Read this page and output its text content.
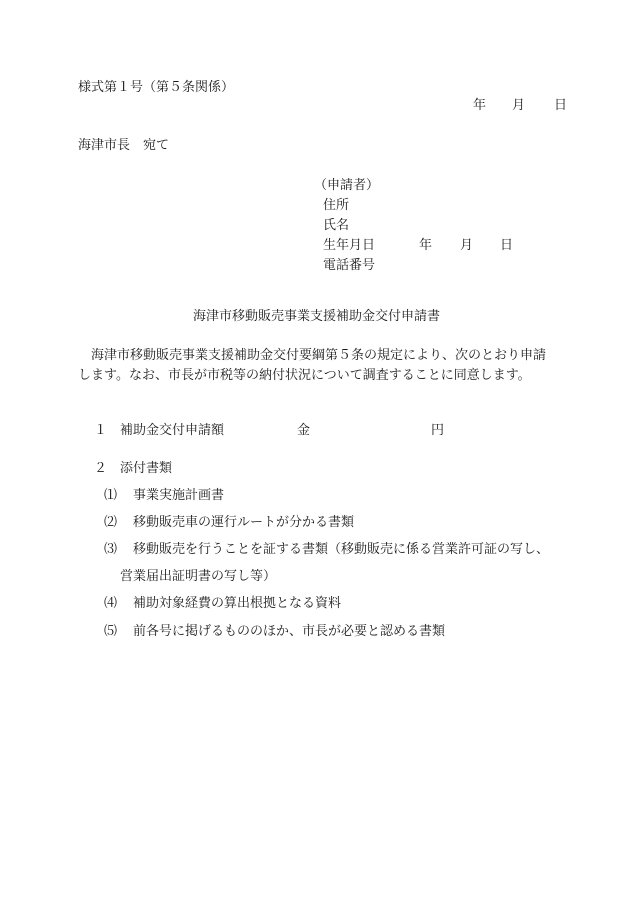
様式第１号（第５条関係）
年 月 日
海津市長　宛て
（申請者）
住所
氏名
生年月日	年 月 日
電話番号
海津市移動販売事業支援補助金交付申請書
海津市移動販売事業支援補助金交付要綱第５条の規定により、次のとおり申請
します。なお、市長が市税等の納付状況について調査することに同意します。
１ 補助金交付申請額	金	円
２ 添付書類
⑴ 事業実施計画書
⑵ 移動販売車の運行ルートが分かる書類
⑶ 移動販売を行うことを証する書類（移動販売に係る営業許可証の写し、
営業届出証明書の写し等）
⑷ 補助対象経費の算出根拠となる資料
⑸ 前各号に掲げるもののほか、市長が必要と認める書類
